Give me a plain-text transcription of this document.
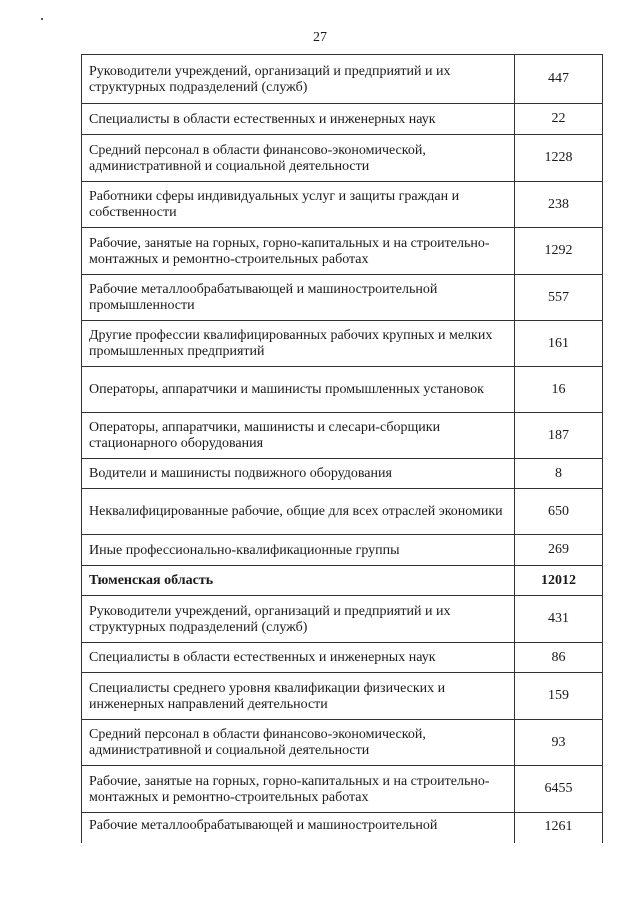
27
Руководители учреждений, организаций и предприятий и их структурных подразделений (служб)	447
Специалисты в области естественных и инженерных наук	22
Средний персонал в области финансово-экономической, административной и социальной деятельности	1228
Работники сферы индивидуальных услуг и защиты граждан и собственности	238
Рабочие, занятые на горных, горно-капитальных и на строительно-монтажных и ремонтно-строительных работах	1292
Рабочие металлообрабатывающей и машиностроительной промышленности	557
Другие профессии квалифицированных рабочих крупных и мелких промышленных предприятий	161
Операторы, аппаратчики и машинисты промышленных установок	16
Операторы, аппаратчики, машинисты и слесари-сборщики стационарного оборудования	187
Водители и машинисты подвижного оборудования	8
Неквалифицированные рабочие, общие для всех отраслей экономики	650
Иные профессионально-квалификационные группы	269
Тюменская область	12012
Руководители учреждений, организаций и предприятий и их структурных подразделений (служб)	431
Специалисты в области естественных и инженерных наук	86
Специалисты среднего уровня квалификации физических и инженерных направлений деятельности	159
Средний персонал в области финансово-экономической, административной и социальной деятельности	93
Рабочие, занятые на горных, горно-капитальных и на строительно-монтажных и ремонтно-строительных работах	6455
Рабочие металлообрабатывающей и машиностроительной	1261
